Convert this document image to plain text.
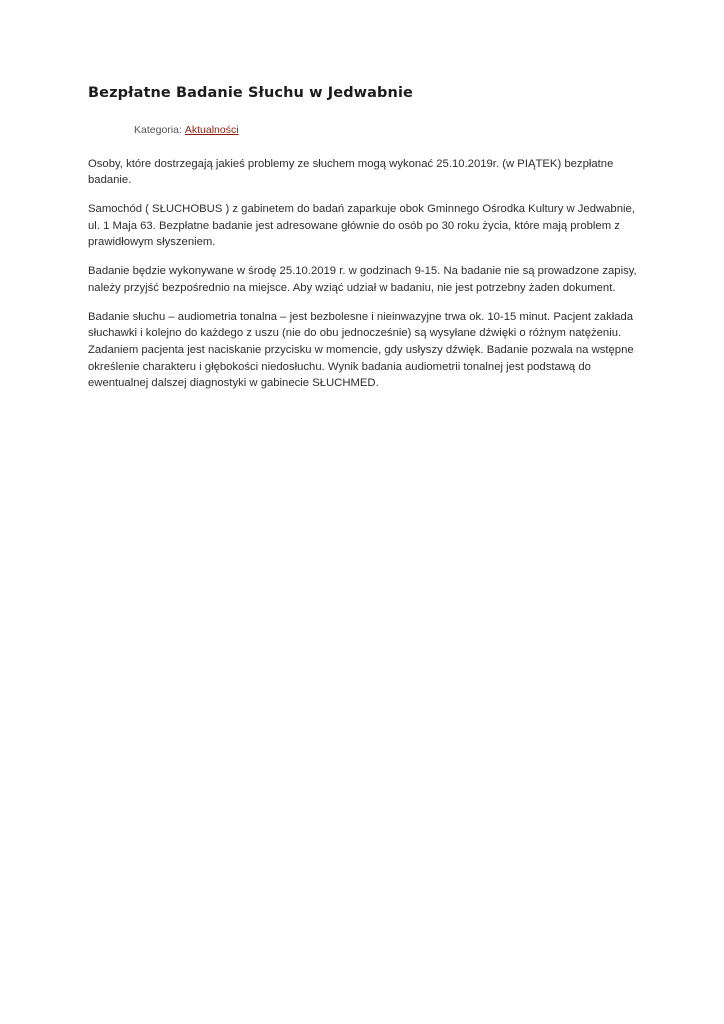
Bezpłatne Badanie Słuchu w Jedwabnie
Kategoria: Aktualności

Osoby, które dostrzegają jakieś problemy ze słuchem mogą wykonać 25.10.2019r. (w PIĄTEK) bezpłatne badanie.

Samochód ( SŁUCHOBUS ) z gabinetem do badań zaparkuje obok Gminnego Ośrodka Kultury w Jedwabnie, ul. 1 Maja 63. Bezpłatne badanie jest adresowane głównie do osób po 30 roku życia, które mają problem z prawidłowym słyszeniem.

Badanie będzie wykonywane w środę 25.10.2019 r. w godzinach 9-15. Na badanie nie są prowadzone zapisy, należy przyjść bezpośrednio na miejsce. Aby wziąć udział w badaniu, nie jest potrzebny żaden dokument.

Badanie słuchu – audiometria tonalna – jest bezbolesne i nieinwazyjne trwa ok. 10-15 minut. Pacjent zakłada słuchawki i kolejno do każdego z uszu (nie do obu jednocześnie) są wysyłane dźwięki o różnym natężeniu. Zadaniem pacjenta jest naciskanie przycisku w momencie, gdy usłyszy dźwięk. Badanie pozwala na wstępne określenie charakteru i głębokości niedosłuchu. Wynik badania audiometrii tonalnej jest podstawą do ewentualnej dalszej diagnostyki w gabinecie SŁUCHMED.
